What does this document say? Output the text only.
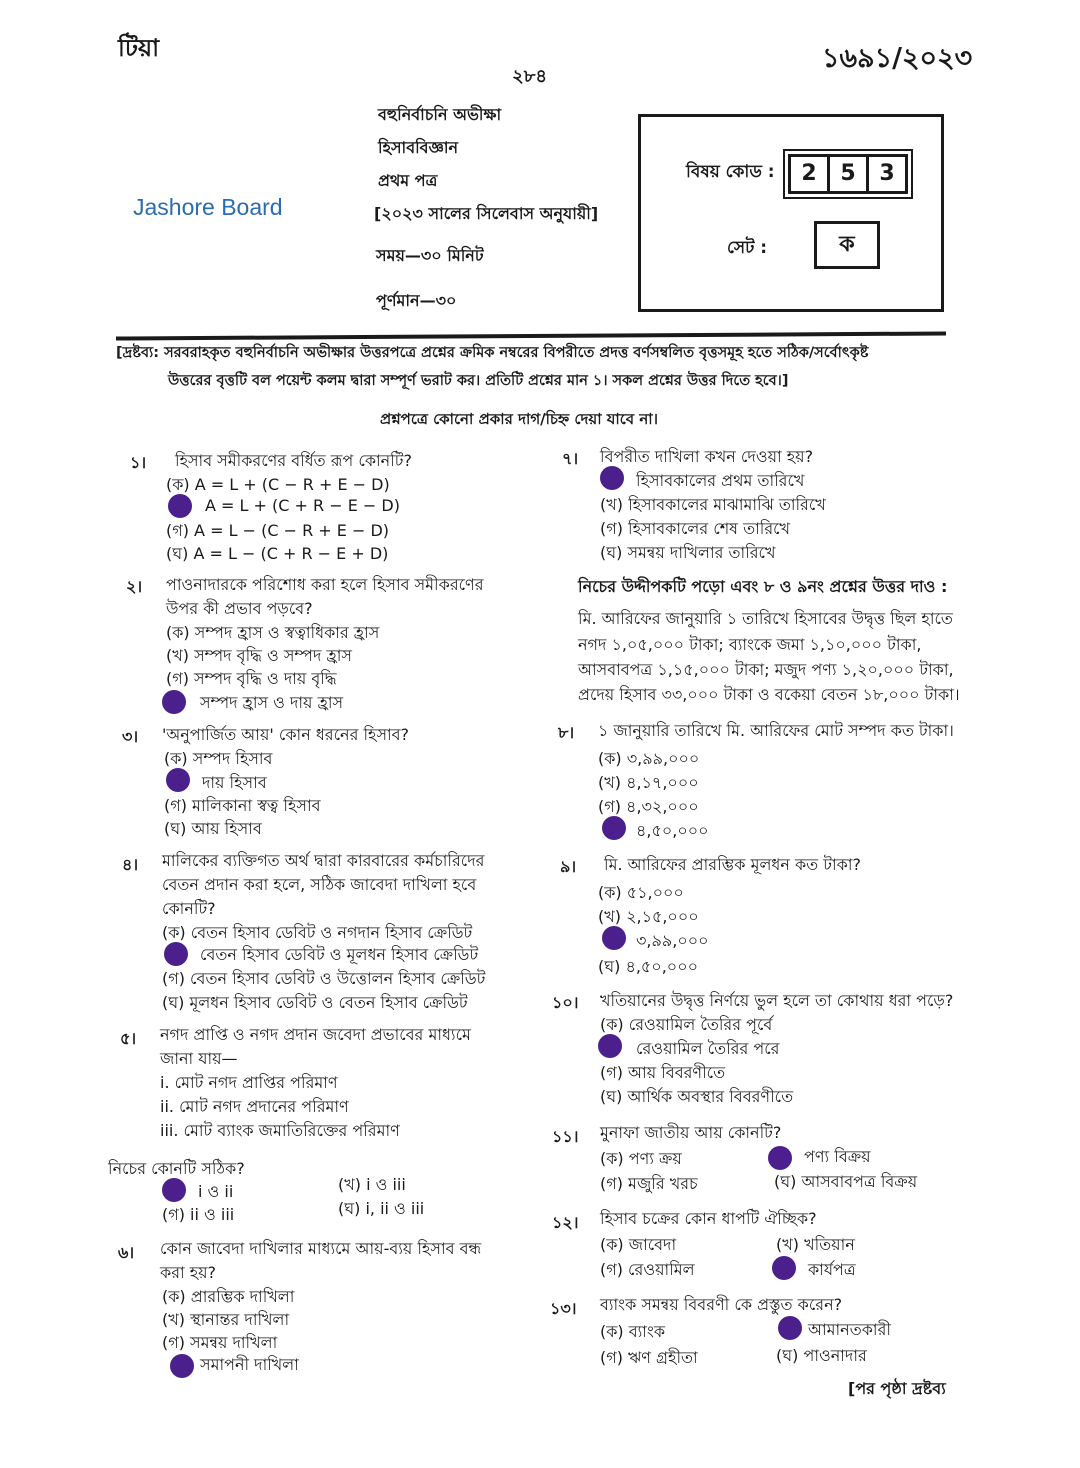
টিয়া
২৮৪
১৬৯১/২০২৩
বহুনির্বাচনি অভীক্ষা
হিসাববিজ্ঞান
প্রথম পত্র
Jashore Board	[২০২৩ সালের সিলেবাস অনুযায়ী]
সময়—৩০ মিনিট
পূর্ণমান—৩০
বিষয় কোড :	2	5	3
সেট :	ক
[দ্রষ্টব্য: সরবরাহকৃত বহুনির্বাচনি অভীক্ষার উত্তরপত্রে প্রশ্নের ক্রমিক নম্বরের বিপরীতে প্রদত্ত বর্ণসম্বলিত বৃত্তসমূহ হতে সঠিক/সর্বোৎকৃষ্ট
উত্তরের বৃত্তটি বল পয়েন্ট কলম দ্বারা সম্পূর্ণ ভরাট কর। প্রতিটি প্রশ্নের মান ১। সকল প্রশ্নের উত্তর দিতে হবে।]
প্রশ্নপত্রে কোনো প্রকার দাগ/চিহ্ন দেয়া যাবে না।
১। হিসাব সমীকরণের বর্ধিত রূপ কোনটি?
(ক) A = L + (C − R + E − D)
A = L + (C + R − E − D)
(গ) A = L − (C − R + E − D)
(ঘ) A = L − (C + R − E + D)
২। পাওনাদারকে পরিশোধ করা হলে হিসাব সমীকরণের
উপর কী প্রভাব পড়বে?
(ক) সম্পদ হ্রাস ও স্বত্বাধিকার হ্রাস
(খ) সম্পদ বৃদ্ধি ও সম্পদ হ্রাস
(গ) সম্পদ বৃদ্ধি ও দায় বৃদ্ধি
সম্পদ হ্রাস ও দায় হ্রাস
৩। 'অনুপার্জিত আয়' কোন ধরনের হিসাব?
(ক) সম্পদ হিসাব
দায় হিসাব
(গ) মালিকানা স্বত্ব হিসাব
(ঘ) আয় হিসাব
৪। মালিকের ব্যক্তিগত অর্থ দ্বারা কারবারের কর্মচারিদের
বেতন প্রদান করা হলে, সঠিক জাবেদা দাখিলা হবে
কোনটি?
(ক) বেতন হিসাব ডেবিট ও নগদান হিসাব ক্রেডিট
বেতন হিসাব ডেবিট ও মূলধন হিসাব ক্রেডিট
(গ) বেতন হিসাব ডেবিট ও উত্তোলন হিসাব ক্রেডিট
(ঘ) মূলধন হিসাব ডেবিট ও বেতন হিসাব ক্রেডিট
৫। নগদ প্রাপ্তি ও নগদ প্রদান জবেদা প্রভাবের মাধ্যমে
জানা যায়—
i. মোট নগদ প্রাপ্তির পরিমাণ
ii. মোট নগদ প্রদানের পরিমাণ
iii. মোট ব্যাংক জমাতিরিক্তের পরিমাণ
নিচের কোনটি সঠিক?
i ও ii	(খ) i ও iii
(গ) ii ও iii	(ঘ) i, ii ও iii
৬। কোন জাবেদা দাখিলার মাধ্যমে আয়-ব্যয় হিসাব বন্ধ
করা হয়?
(ক) প্রারম্ভিক দাখিলা
(খ) স্থানান্তর দাখিলা
(গ) সমন্বয় দাখিলা
সমাপনী দাখিলা
৭। বিপরীত দাখিলা কখন দেওয়া হয়?
হিসাবকালের প্রথম তারিখে
(খ) হিসাবকালের মাঝামাঝি তারিখে
(গ) হিসাবকালের শেষ তারিখে
(ঘ) সমন্বয় দাখিলার তারিখে
নিচের উদ্দীপকটি পড়ো এবং ৮ ও ৯নং প্রশ্নের উত্তর দাও :
মি. আরিফের জানুয়ারি ১ তারিখে হিসাবের উদ্বৃত্ত ছিল হাতে
নগদ ১,০৫,০০০ টাকা; ব্যাংকে জমা ১,১০,০০০ টাকা,
আসবাবপত্র ১,১৫,০০০ টাকা; মজুদ পণ্য ১,২০,০০০ টাকা,
প্রদেয় হিসাব ৩৩,০০০ টাকা ও বকেয়া বেতন ১৮,০০০ টাকা।
৮। ১ জানুয়ারি তারিখে মি. আরিফের মোট সম্পদ কত টাকা।
(ক) ৩,৯৯,০০০
(খ) ৪,১৭,০০০
(গ) ৪,৩২,০০০
৪,৫০,০০০
৯। মি. আরিফের প্রারম্ভিক মূলধন কত টাকা?
(ক) ৫১,০০০
(খ) ২,১৫,০০০
৩,৯৯,০০০
(ঘ) ৪,৫০,০০০
১০। খতিয়ানের উদ্বৃত্ত নির্ণয়ে ভুল হলে তা কোথায় ধরা পড়ে?
(ক) রেওয়ামিল তৈরির পূর্বে
রেওয়ামিল তৈরির পরে
(গ) আয় বিবরণীতে
(ঘ) আর্থিক অবস্থার বিবরণীতে
১১। মুনাফা জাতীয় আয় কোনটি?
(ক) পণ্য ক্রয়	পণ্য বিক্রয়
(গ) মজুরি খরচ	(ঘ) আসবাবপত্র বিক্রয়
১২। হিসাব চক্রের কোন ধাপটি ঐচ্ছিক?
(ক) জাবেদা	(খ) খতিয়ান
(গ) রেওয়ামিল	কার্যপত্র
১৩। ব্যাংক সমন্বয় বিবরণী কে প্রস্তুত করেন?
(ক) ব্যাংক	আমানতকারী
(গ) ঋণ গ্রহীতা	(ঘ) পাওনাদার
[পর পৃষ্ঠা দ্রষ্টব্য
